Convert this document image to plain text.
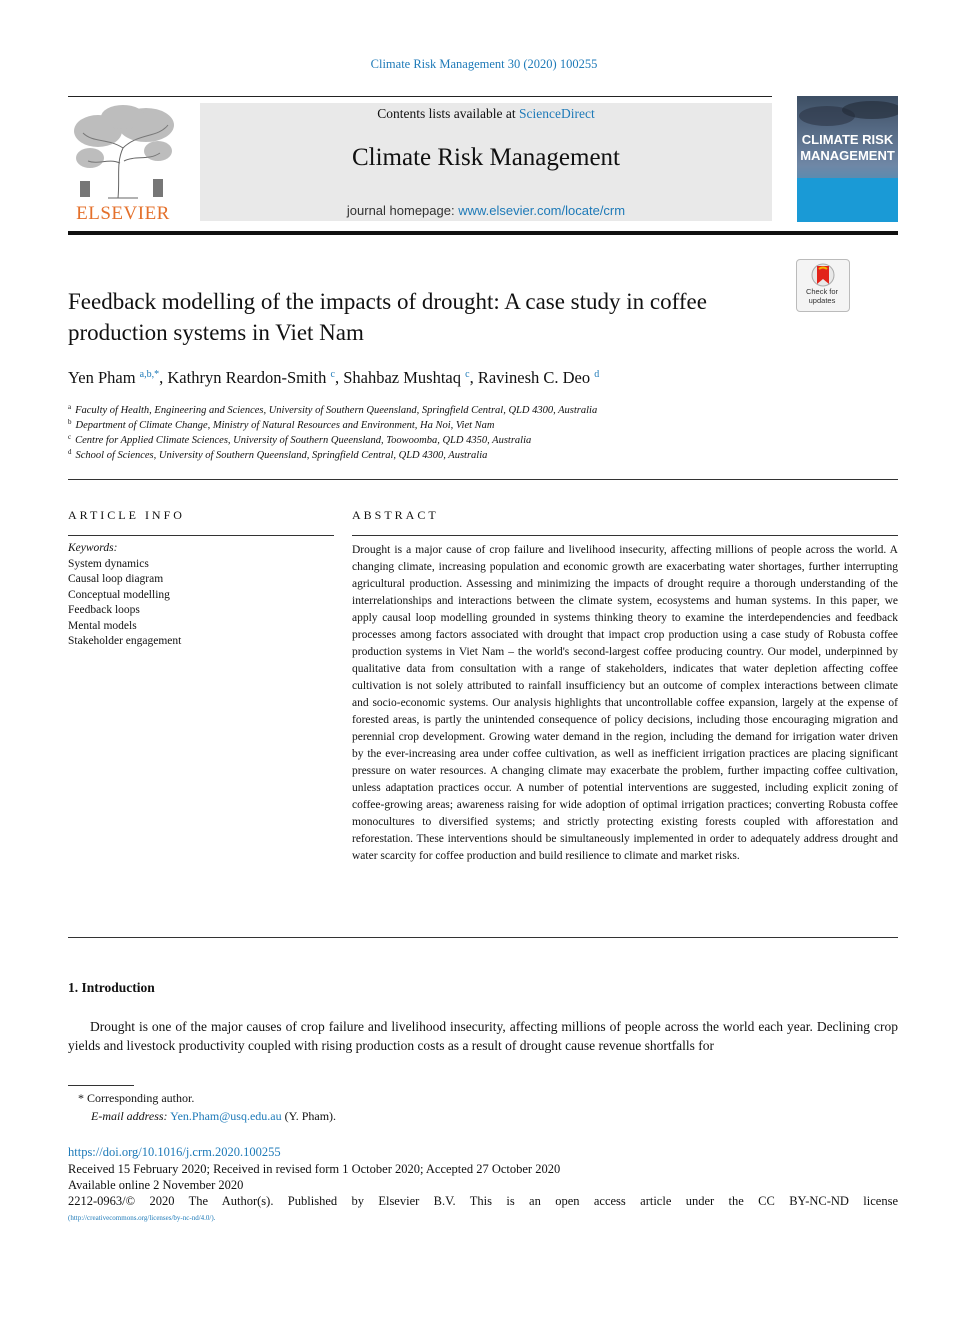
Climate Risk Management 30 (2020) 100255
ELSEVIER
Contents lists available at ScienceDirect
Climate Risk Management
journal homepage: www.elsevier.com/locate/crm
CLIMATE RISK
MANAGEMENT
Check for updates
Feedback modelling of the impacts of drought: A case study in coffee production systems in Viet Nam
Yen Pham $^{a,b,*}$, Kathryn Reardon-Smith $^c$, Shahbaz Mushtaq $^c$, Ravinesh C. Deo $^d$
$^a$ Faculty of Health, Engineering and Sciences, University of Southern Queensland, Springfield Central, QLD 4300, Australia
$^b$ Department of Climate Change, Ministry of Natural Resources and Environment, Ha Noi, Viet Nam
$^c$ Centre for Applied Climate Sciences, University of Southern Queensland, Toowoomba, QLD 4350, Australia
$^d$ School of Sciences, University of Southern Queensland, Springfield Central, QLD 4300, Australia
ARTICLE INFO	ABSTRACT
Keywords:
System dynamics
Causal loop diagram
Conceptual modelling
Feedback loops
Mental models
Stakeholder engagement
Drought is a major cause of crop failure and livelihood insecurity, affecting millions of people across the world. A changing climate, increasing population and economic growth are exacerbating water shortages, further interrupting agricultural production. Assessing and minimizing the impacts of drought require a thorough understanding of the interrelationships and interactions between the climate system, ecosystems and human systems. In this paper, we apply causal loop modelling grounded in systems thinking theory to examine the interdependencies and feedback processes among factors associated with drought that impact crop production using a case study of Robusta coffee production systems in Viet Nam – the world's second-largest coffee producing country. Our model, underpinned by qualitative data from consultation with a range of stakeholders, indicates that water depletion affecting coffee cultivation is not solely attributed to rainfall insufficiency but an outcome of complex interactions between climate and socio-economic systems. Our analysis highlights that uncontrollable coffee expansion, largely at the expense of forested areas, is partly the unintended consequence of policy decisions, including those encouraging migration and perennial crop development. Growing water demand in the region, including the demand for irrigation water driven by the ever-increasing area under coffee cultivation, as well as inefficient irrigation practices are placing significant pressure on water resources. A changing climate may exacerbate the problem, further impacting coffee cultivation, unless adaptation practices occur. A number of potential interventions are suggested, including explicit zoning of coffee-growing areas; awareness raising for wide adoption of optimal irrigation practices; converting Robusta coffee monocultures to diversified systems; and strictly protecting existing forests coupled with afforestation and reforestation. These interventions should be simultaneously implemented in order to adequately address drought and water scarcity for coffee production and build resilience to climate and market risks.
1. Introduction
Drought is one of the major causes of crop failure and livelihood insecurity, affecting millions of people across the world each year. Declining crop yields and livestock productivity coupled with rising production costs as a result of drought cause revenue shortfalls for
* Corresponding author.
E-mail address: Yen.Pham@usq.edu.au (Y. Pham).
https://doi.org/10.1016/j.crm.2020.100255
Received 15 February 2020; Received in revised form 1 October 2020; Accepted 27 October 2020
Available online 2 November 2020
2212-0963/© 2020 The Author(s). Published by Elsevier B.V. This is an open access article under the CC BY-NC-ND license
(http://creativecommons.org/licenses/by-nc-nd/4.0/).
